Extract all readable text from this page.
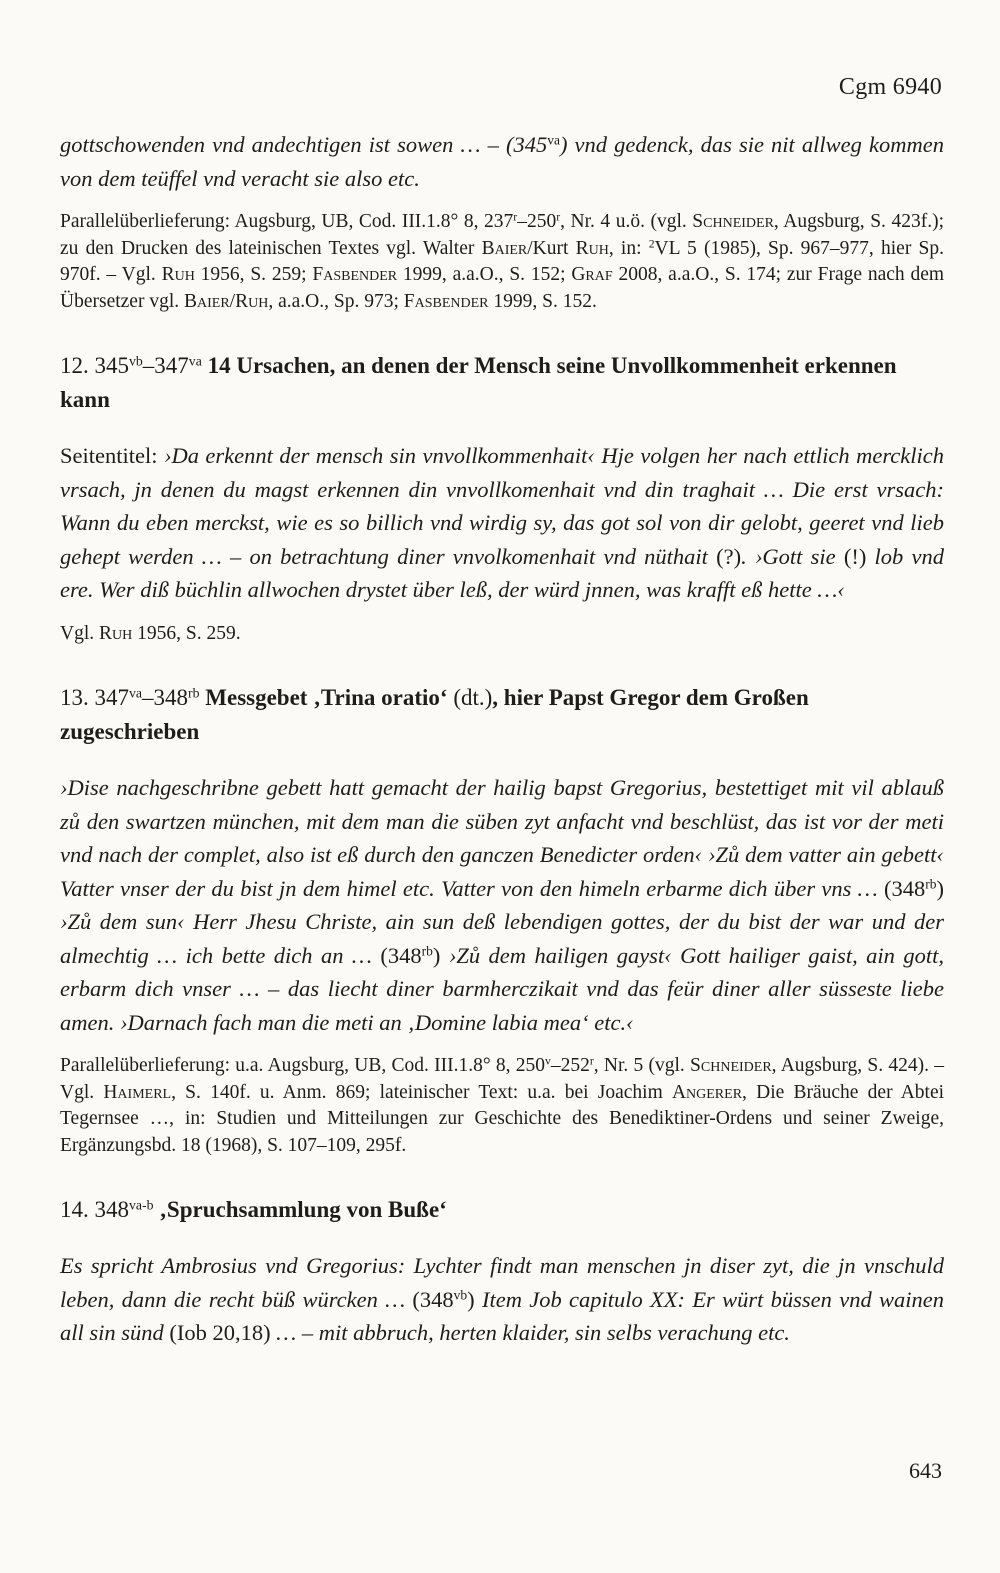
Cgm 6940

gottschowenden vnd andechtigen ist sowen … – $(345^{va})$ vnd gedenck, das sie nit allweg kommen von dem teüffel vnd veracht sie also etc.

Parallelüberlieferung: Augsburg, UB, Cod. III.1.8° 8, 237$^r$–250$^r$, Nr. 4 u.ö. (vgl. Schneider, Augsburg, S. 423f.); zu den Drucken des lateinischen Textes vgl. Walter Baier/Kurt Ruh, in: $^2$VL 5 (1985), Sp. 967–977, hier Sp. 970f. – Vgl. Ruh 1956, S. 259; Fasbender 1999, a.a.O., S. 152; Graf 2008, a.a.O., S. 174; zur Frage nach dem Übersetzer vgl. Baier/Ruh, a.a.O., Sp. 973; Fasbender 1999, S. 152.

12. $345^{vb}-347^{va}$ 14 Ursachen, an denen der Mensch seine Unvollkommenheit erkennen kann

Seitentitel: ›Da erkennt der mensch sin vnvollkommenhait‹ Hje volgen her nach ettlich mercklich vrsach, jn denen du magst erkennen din vnvollkomenhait vnd din traghait … Die erst vrsach: Wann du eben merckst, wie es so billich vnd wirdig sy, das got sol von dir gelobt, geeret vnd lieb gehept werden … – on betrachtung diner vnvolkomenhait vnd nüthait (?). ›Gott sie (!) lob vnd ere. Wer diß büchlin allwochen drystet über leß, der würd jnnen, was krafft eß hette …‹

Vgl. Ruh 1956, S. 259.

13. $347^{va}-348^{rb}$ Messgebet ‚Trina oratio‘ (dt.), hier Papst Gregor dem Großen zugeschrieben

›Dise nachgeschribne gebett hatt gemacht der hailig bapst Gregorius, bestettiget mit vil ablauß zů den swartzen münchen, mit dem man die süben zyt anfacht vnd beschlüst, das ist vor der meti vnd nach der complet, also ist eß durch den ganczen Benedicter orden‹ ›Zů dem vatter ain gebett‹ Vatter vnser der du bist jn dem himel etc. Vatter von den himeln erbarme dich über vns … $(348^{rb})$ ›Zů dem sun‹ Herr Jhesu Christe, ain sun deß lebendigen gottes, der du bist der war und der almechtig … ich bette dich an … $(348^{rb})$ ›Zů dem hailigen gayst‹ Gott hailiger gaist, ain gott, erbarm dich vnser … – das liecht diner barmherczikait vnd das feür diner aller süsseste liebe amen. ›Darnach fach man die meti an ‚Domine labia mea‘ etc.‹

Parallelüberlieferung: u.a. Augsburg, UB, Cod. III.1.8° 8, 250$^v$–252$^r$, Nr. 5 (vgl. Schneider, Augsburg, S. 424). – Vgl. Haimerl, S. 140f. u. Anm. 869; lateinischer Text: u.a. bei Joachim Angerer, Die Bräuche der Abtei Tegernsee …, in: Studien und Mitteilungen zur Geschichte des Benediktiner-Ordens und seiner Zweige, Ergänzungsbd. 18 (1968), S. 107–109, 295f.

14. $348^{va-b}$ ‚Spruchsammlung von Buße‘

Es spricht Ambrosius vnd Gregorius: Lychter findt man menschen jn diser zyt, die jn vnschuld leben, dann die recht büß würcken … $(348^{vb})$ Item Job capitulo XX: Er würt büssen vnd wainen all sin sünd (Iob 20,18) … – mit abbruch, herten klaider, sin selbs verachung etc.

643
